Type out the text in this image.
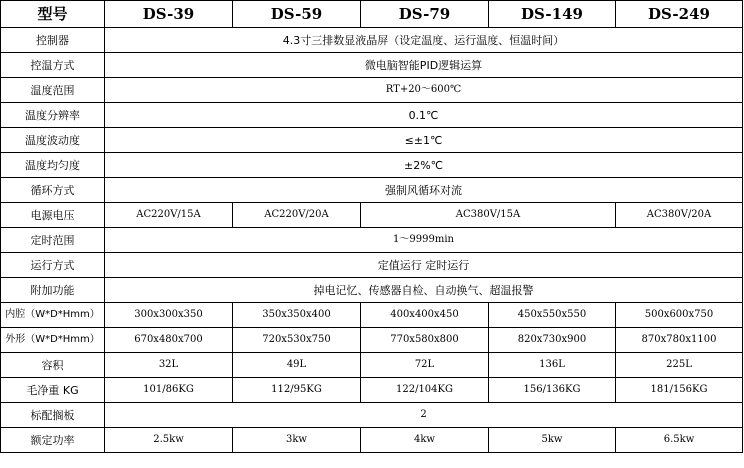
型号	DS-39	DS-59	DS-79	DS-149	DS-249
控制器	4.3寸三排数显液晶屏（设定温度、运行温度、恒温时间）				
控温方式	微电脑智能PID逻辑运算				
温度范围	RT+20～600℃				
温度分辨率	0.1℃				
温度波动度	≤±1℃				
温度均匀度	±2%℃				
循环方式	强制风循环对流				
电源电压	AC220V/15A	AC220V/20A	AC380V/15A		AC380V/20A
定时范围	1～9999min				
运行方式	定值运行 定时运行				
附加功能	掉电记忆、传感器自检、自动换气、超温报警				
内腔（W*D*Hmm）	300x300x350	350x350x400	400x400x450	450x550x550	500x600x750
外形（W*D*Hmm）	670x480x700	720x530x750	770x580x800	820x730x900	870x780x1100
容积	32L	49L	72L	136L	225L
毛净重 KG	101/86KG	112/95KG	122/104KG	156/136KG	181/156KG
标配搁板	2				
额定功率	2.5kw	3kw	4kw	5kw	6.5kw
